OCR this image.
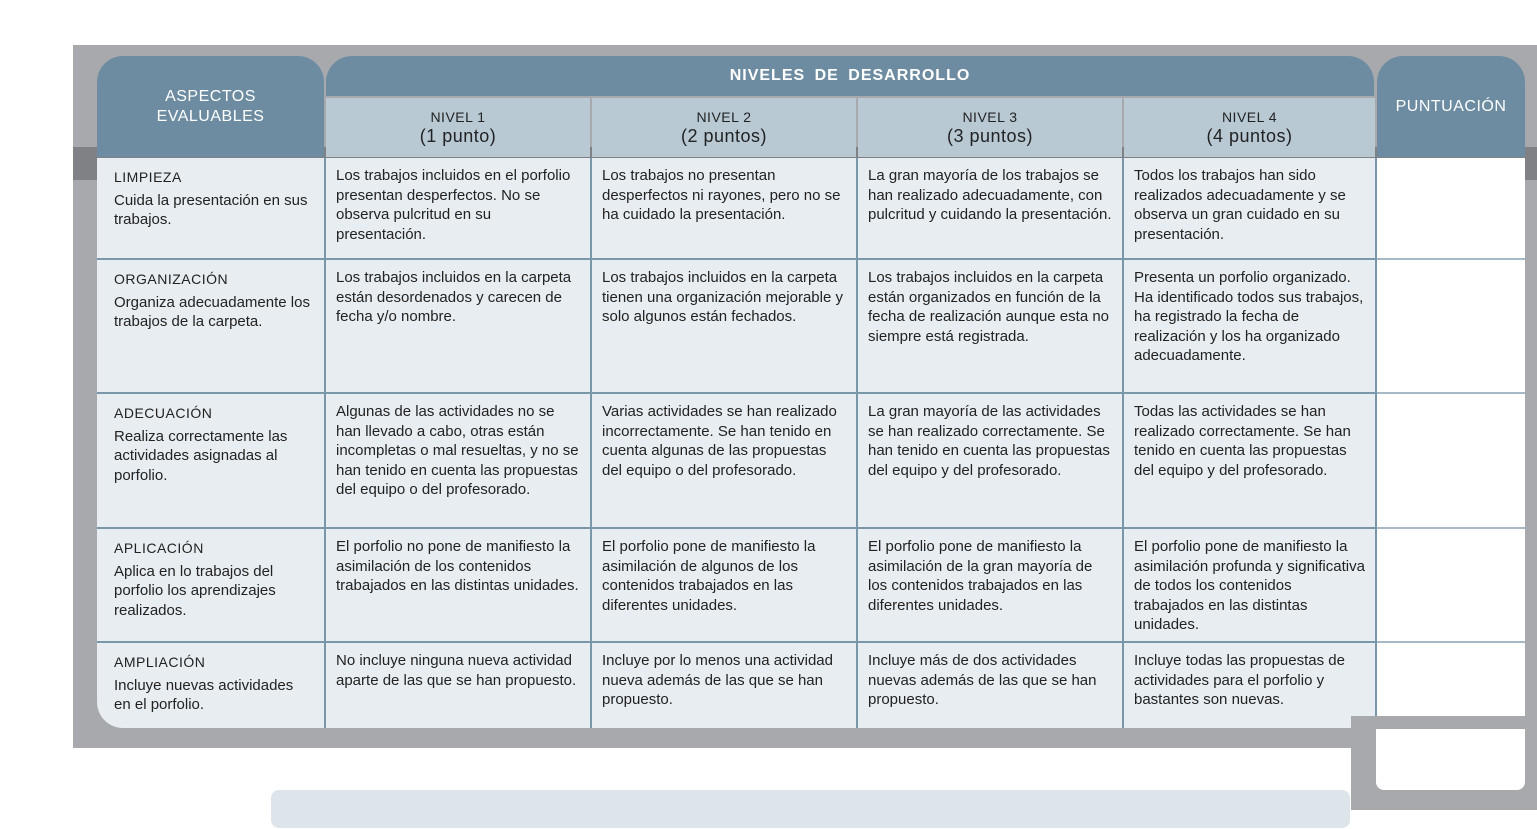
ASPECTOS
EVALUABLES
NIVELES DE DESARROLLO
PUNTUACIÓN
NIVEL 1
(1 punto)
NIVEL 2
(2 puntos)
NIVEL 3
(3 puntos)
NIVEL 4
(4 puntos)
LIMPIEZA
Cuida la presentación en sus trabajos.
Los trabajos incluidos en el porfolio presentan desperfectos. No se observa pulcritud en su presentación.
Los trabajos no presentan desperfectos ni rayones, pero no se ha cuidado la presentación.
La gran mayoría de los trabajos se han realizado adecuadamente, con pulcritud y cuidando la presentación.
Todos los trabajos han sido realizados adecuadamente y se observa un gran cuidado en su presentación.
ORGANIZACIÓN
Organiza adecuadamente los trabajos de la carpeta.
Los trabajos incluidos en la carpeta están desordenados y carecen de fecha y/o nombre.
Los trabajos incluidos en la carpeta tienen una organización mejorable y solo algunos están fechados.
Los trabajos incluidos en la carpeta están organizados en función de la fecha de realización aunque esta no siempre está registrada.
Presenta un porfolio organizado. Ha identificado todos sus trabajos, ha registrado la fecha de realización y los ha organizado adecuadamente.
ADECUACIÓN
Realiza correctamente las actividades asignadas al porfolio.
Algunas de las actividades no se han llevado a cabo, otras están incompletas o mal resueltas, y no se han tenido en cuenta las propuestas del equipo o del profesorado.
Varias actividades se han realizado incorrectamente. Se han tenido en cuenta algunas de las propuestas del equipo o del profesorado.
La gran mayoría de las actividades se han realizado correctamente. Se han tenido en cuenta las propuestas del equipo y del profesorado.
Todas las actividades se han realizado correctamente. Se han tenido en cuenta las propuestas del equipo y del profesorado.
APLICACIÓN
Aplica en lo trabajos del porfolio los aprendizajes realizados.
El porfolio no pone de manifiesto la asimilación de los contenidos trabajados en las distintas unidades.
El porfolio pone de manifiesto la asimilación de algunos de los contenidos trabajados en las diferentes unidades.
El porfolio pone de manifiesto la asimilación de la gran mayoría de los contenidos trabajados en las diferentes unidades.
El porfolio pone de manifiesto la asimilación profunda y significativa de todos los contenidos trabajados en las distintas unidades.
AMPLIACIÓN
Incluye nuevas actividades en el porfolio.
No incluye ninguna nueva actividad aparte de las que se han propuesto.
Incluye por lo menos una actividad nueva además de las que se han propuesto.
Incluye más de dos actividades nuevas además de las que se han propuesto.
Incluye todas las propuestas de actividades para el porfolio y bastantes son nuevas.
